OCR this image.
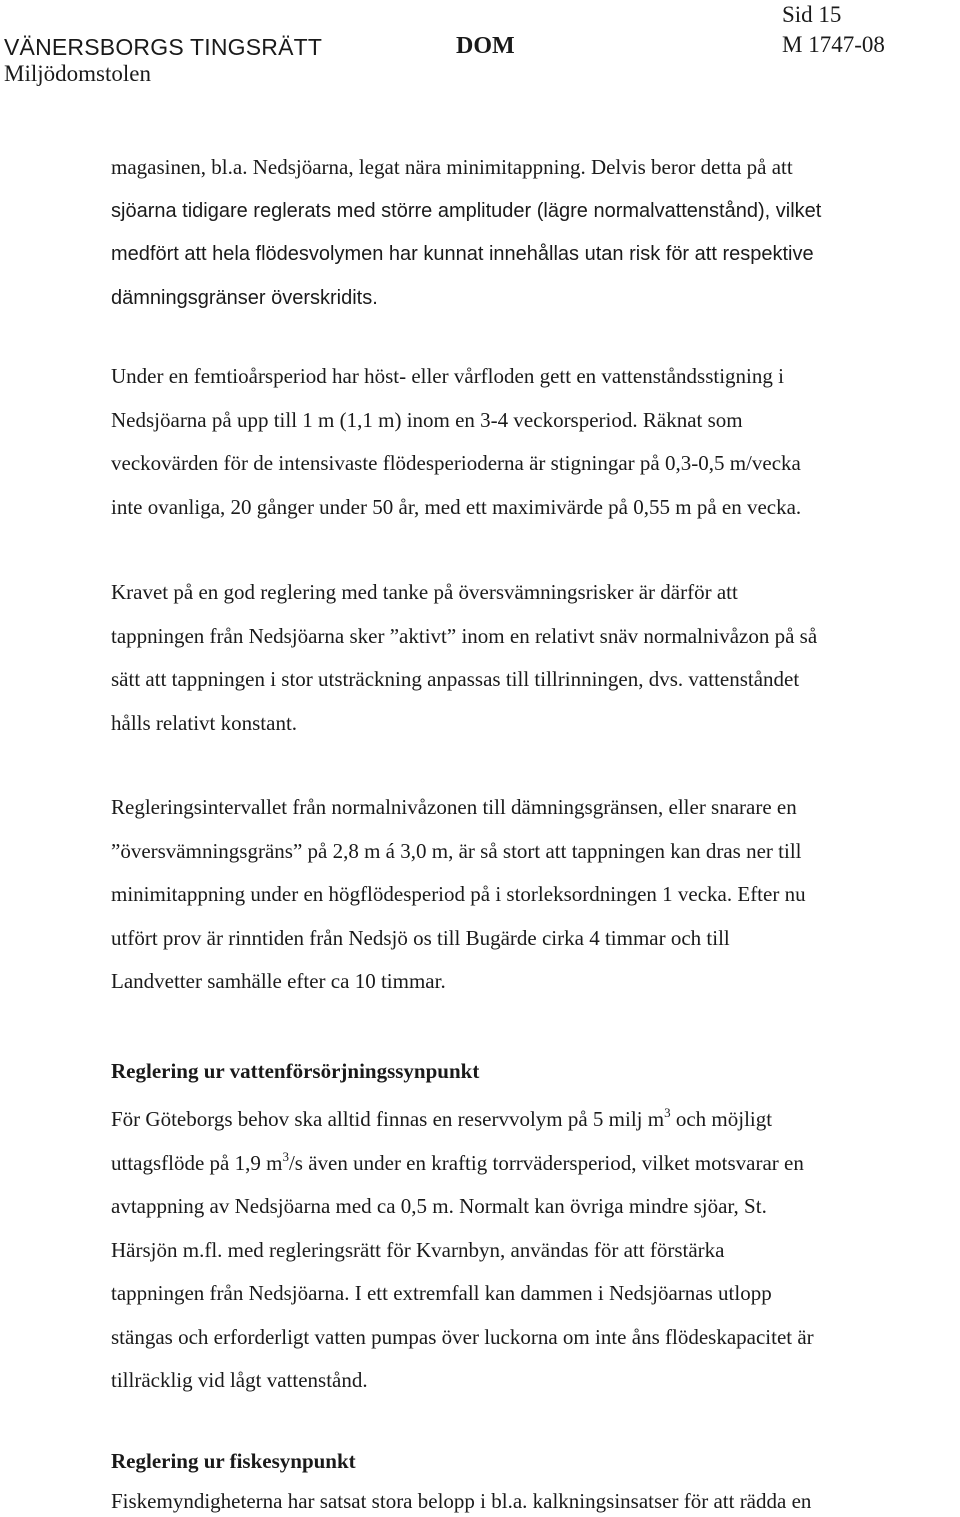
VÄNERSBORGS TINGSRÄTT
Miljödomstolen
DOM
Sid 15
M 1747-08
magasinen, bl.a. Nedsjöarna, legat nära minimitappning. Delvis beror detta på att
sjöarna tidigare reglerats med större amplituder (lägre normalvattenstånd), vilket
medfört att hela flödesvolymen har kunnat innehållas utan risk för att respektive
dämningsgränser överskridits.
Under en femtioårsperiod har höst- eller vårfloden gett en vattenståndsstigning i
Nedsjöarna på upp till 1 m (1,1 m) inom en 3-4 veckorsperiod. Räknat som
veckovärden för de intensivaste flödesperioderna är stigningar på 0,3-0,5 m/vecka
inte ovanliga, 20 gånger under 50 år, med ett maximivärde på 0,55 m på en vecka.
Kravet på en god reglering med tanke på översvämningsrisker är därför att
tappningen från Nedsjöarna sker ”aktivt” inom en relativt snäv normalnivåzon på så
sätt att tappningen i stor utsträckning anpassas till tillrinningen, dvs. vattenståndet
hålls relativt konstant.
Regleringsintervallet från normalnivåzonen till dämningsgränsen, eller snarare en
”översvämningsgräns” på 2,8 m á 3,0 m, är så stort att tappningen kan dras ner till
minimitappning under en högflödesperiod på i storleksordningen 1 vecka. Efter nu
utfört prov är rinntiden från Nedsjö os till Bugärde cirka 4 timmar och till
Landvetter samhälle efter ca 10 timmar.
Reglering ur vattenförsörjningssynpunkt
För Göteborgs behov ska alltid finnas en reservvolym på 5 milj $m^3$ och möjligt
uttagsflöde på 1,9 $m^3/s$ även under en kraftig torrvädersperiod, vilket motsvarar en
avtappning av Nedsjöarna med ca 0,5 m. Normalt kan övriga mindre sjöar, St.
Härsjön m.fl. med regleringsrätt för Kvarnbyn, användas för att förstärka
tappningen från Nedsjöarna. I ett extremfall kan dammen i Nedsjöarnas utlopp
stängas och erforderligt vatten pumpas över luckorna om inte åns flödeskapacitet är
tillräcklig vid lågt vattenstånd.
Reglering ur fiskesynpunkt
Fiskemyndigheterna har satsat stora belopp i bl.a. kalkningsinsatser för att rädda en
